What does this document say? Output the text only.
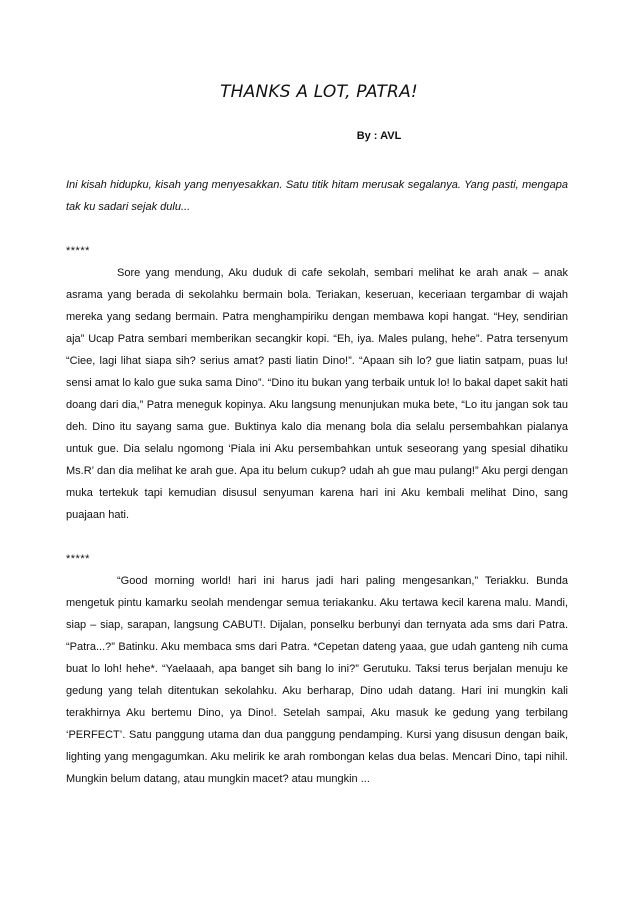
THANKS A LOT, PATRA!
By : AVL

Ini kisah hidupku, kisah yang menyesakkan. Satu titik hitam merusak segalanya. Yang pasti, mengapa tak ku sadari sejak dulu...

*****

Sore yang mendung, Aku duduk di cafe sekolah, sembari melihat ke arah anak – anak asrama yang berada di sekolahku bermain bola. Teriakan, keseruan, keceriaan tergambar di wajah mereka yang sedang bermain. Patra menghampiriku dengan membawa kopi hangat. “Hey, sendirian aja” Ucap Patra sembari memberikan secangkir kopi. “Eh, iya. Males pulang, hehe”. Patra tersenyum “Ciee, lagi lihat siapa sih? serius amat? pasti liatin Dino!”. “Apaan sih lo? gue liatin satpam, puas lu! sensi amat lo kalo gue suka sama Dino”. “Dino itu bukan yang terbaik untuk lo! lo bakal dapet sakit hati doang dari dia,” Patra meneguk kopinya. Aku langsung menunjukan muka bete, “Lo itu jangan sok tau deh. Dino itu sayang sama gue. Buktinya kalo dia menang bola dia selalu persembahkan pialanya untuk gue. Dia selalu ngomong ‘Piala ini Aku persembahkan untuk seseorang yang spesial dihatiku Ms.R’ dan dia melihat ke arah gue. Apa itu belum cukup? udah ah gue mau pulang!” Aku pergi dengan muka tertekuk tapi kemudian disusul senyuman karena hari ini Aku kembali melihat Dino, sang puajaan hati.

*****

“Good morning world! hari ini harus jadi hari paling mengesankan,” Teriakku. Bunda mengetuk pintu kamarku seolah mendengar semua teriakanku. Aku tertawa kecil karena malu. Mandi, siap – siap, sarapan, langsung CABUT!. Dijalan, ponselku berbunyi dan ternyata ada sms dari Patra. “Patra...?” Batinku. Aku membaca sms dari Patra. *Cepetan dateng yaaa, gue udah ganteng nih cuma buat lo loh! hehe*. “Yaelaaah, apa banget sih bang lo ini?” Gerutuku. Taksi terus berjalan menuju ke gedung yang telah ditentukan sekolahku. Aku berharap, Dino udah datang. Hari ini mungkin kali terakhirnya Aku bertemu Dino, ya Dino!. Setelah sampai, Aku masuk ke gedung yang terbilang ‘PERFECT’. Satu panggung utama dan dua panggung pendamping. Kursi yang disusun dengan baik, lighting yang mengagumkan. Aku melirik ke arah rombongan kelas dua belas. Mencari Dino, tapi nihil. Mungkin belum datang, atau mungkin macet? atau mungkin ...
